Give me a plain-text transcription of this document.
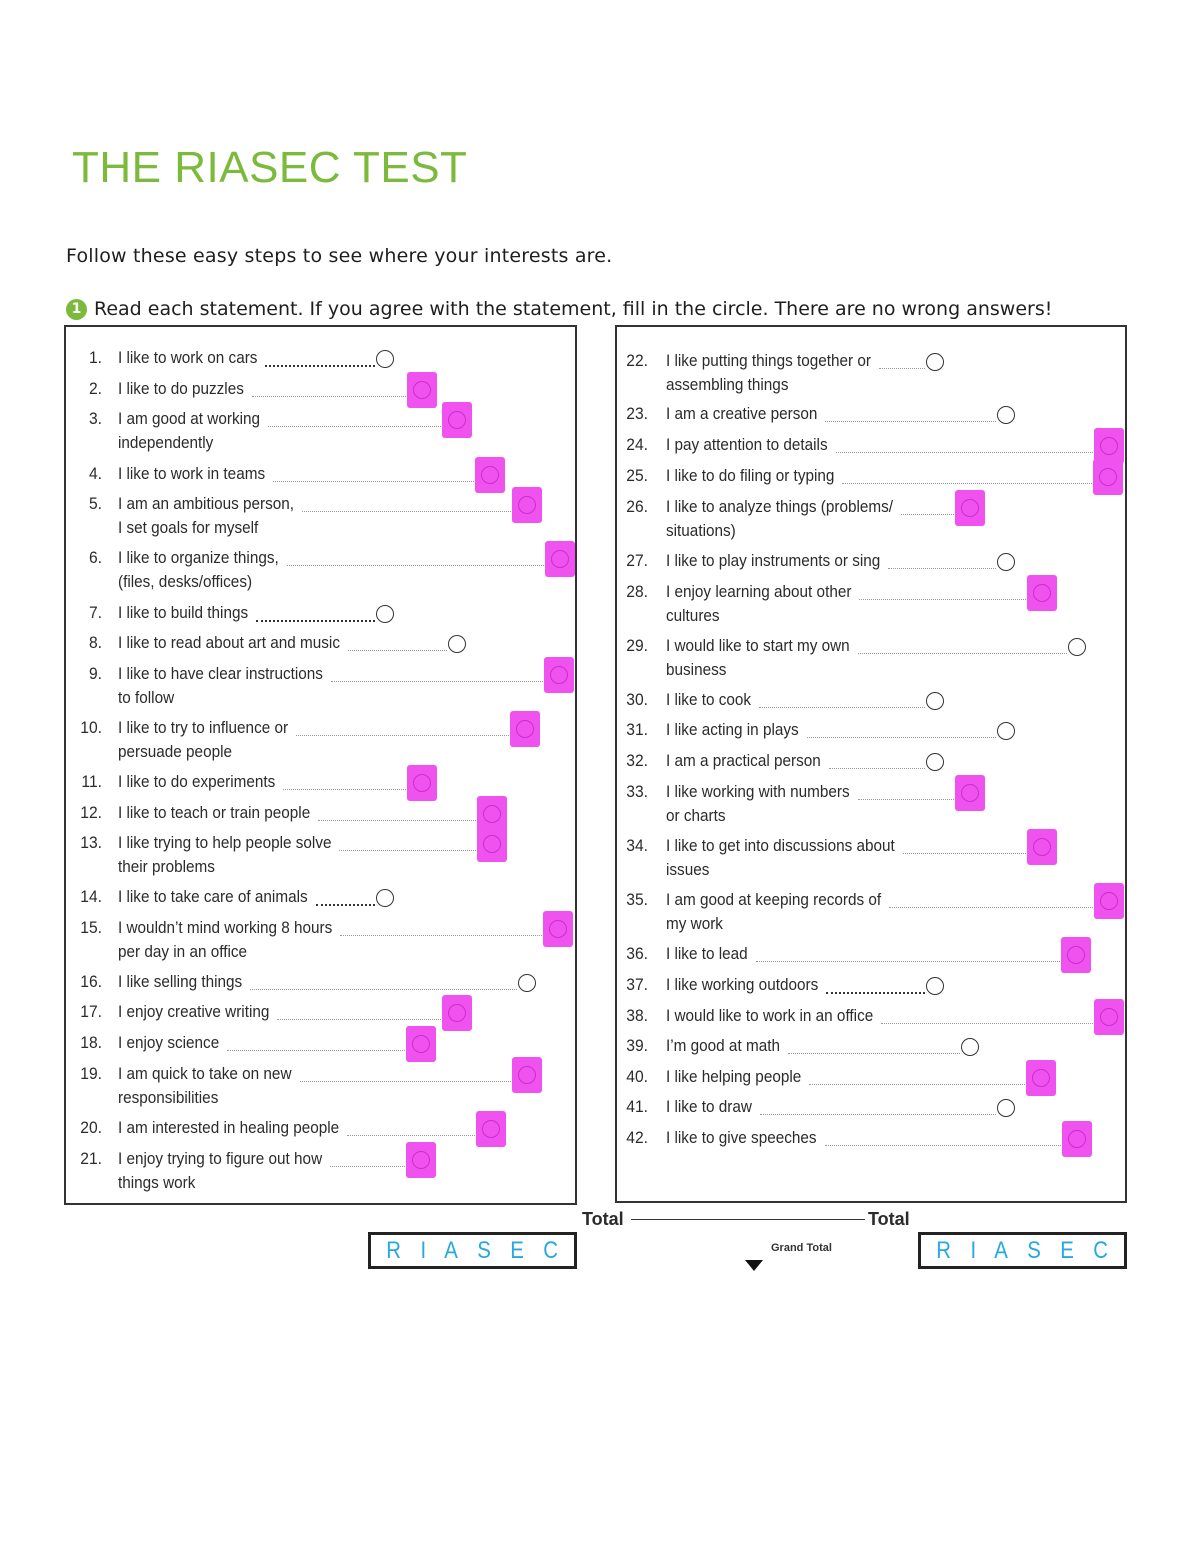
THE RIASEC TEST
Follow these easy steps to see where your interests are.
1 Read each statement. If you agree with the statement, fill in the circle. There are no wrong answers!
Total	Total
R I A S E C	Grand Total	R I A S E C
1. I like to work on cars
2. I like to do puzzles
3. I am good at working
independently
4. I like to work in teams
5. I am an ambitious person,
I set goals for myself
6. I like to organize things,
(files, desks/offices)
7. I like to build things
8. I like to read about art and music
9. I like to have clear instructions
to follow
10. I like to try to influence or
persuade people
11. I like to do experiments
12. I like to teach or train people
13. I like trying to help people solve
their problems
14. I like to take care of animals
15. I wouldn’t mind working 8 hours
per day in an office
16. I like selling things
17. I enjoy creative writing
18. I enjoy science
19. I am quick to take on new
responsibilities
20. I am interested in healing people
21. I enjoy trying to figure out how
things work
22. I like putting things together or
assembling things
23. I am a creative person
24. I pay attention to details
25. I like to do filing or typing
26. I like to analyze things (problems/
situations)
27. I like to play instruments or sing
28. I enjoy learning about other
cultures
29. I would like to start my own
business
30. I like to cook
31. I like acting in plays
32. I am a practical person
33. I like working with numbers
or charts
34. I like to get into discussions about
issues
35. I am good at keeping records of
my work
36. I like to lead
37. I like working outdoors
38. I would like to work in an office
39. I’m good at math
40. I like helping people
41. I like to draw
42. I like to give speeches
